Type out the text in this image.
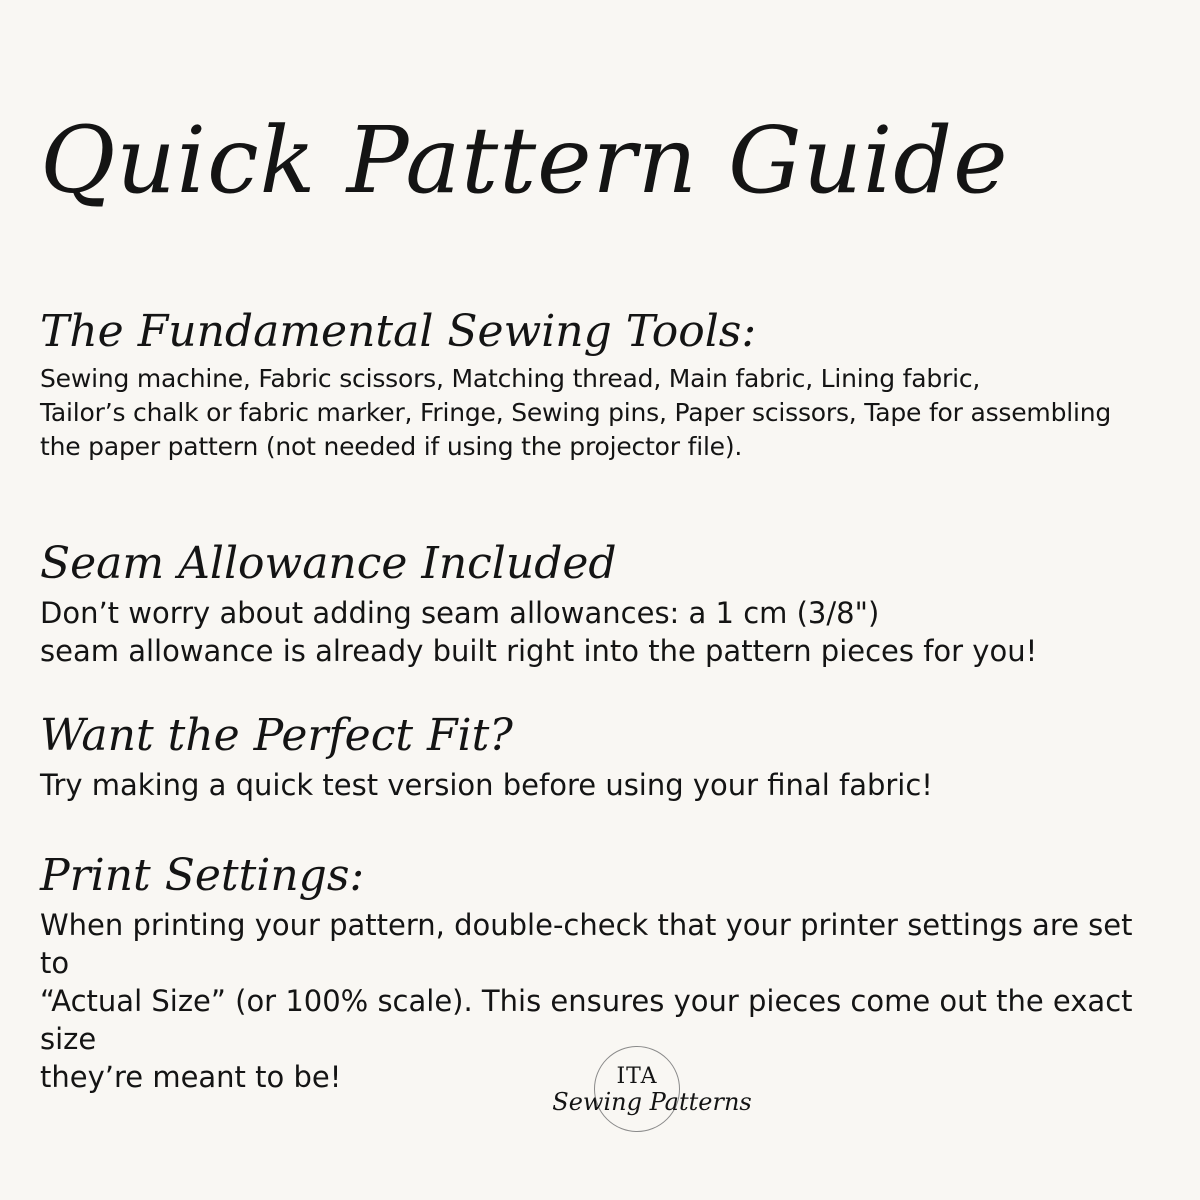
Quick Pattern Guide
The Fundamental Sewing Tools:

Sewing machine, Fabric scissors, Matching thread, Main fabric, Lining fabric,
Tailor’s chalk or fabric marker, Fringe, Sewing pins, Paper scissors, Tape for assembling
the paper pattern (not needed if using the projector file).

Seam Allowance Included

Don’t worry about adding seam allowances: a 1 cm (3/8")
seam allowance is already built right into the pattern pieces for you!

Want the Perfect Fit?

Try making a quick test version before using your final fabric!

Print Settings:

When printing your pattern, double-check that your printer settings are set to
“Actual Size” (or 100% scale). This ensures your pieces come out the exact size
they’re meant to be!	ITA
Sewing Patterns
